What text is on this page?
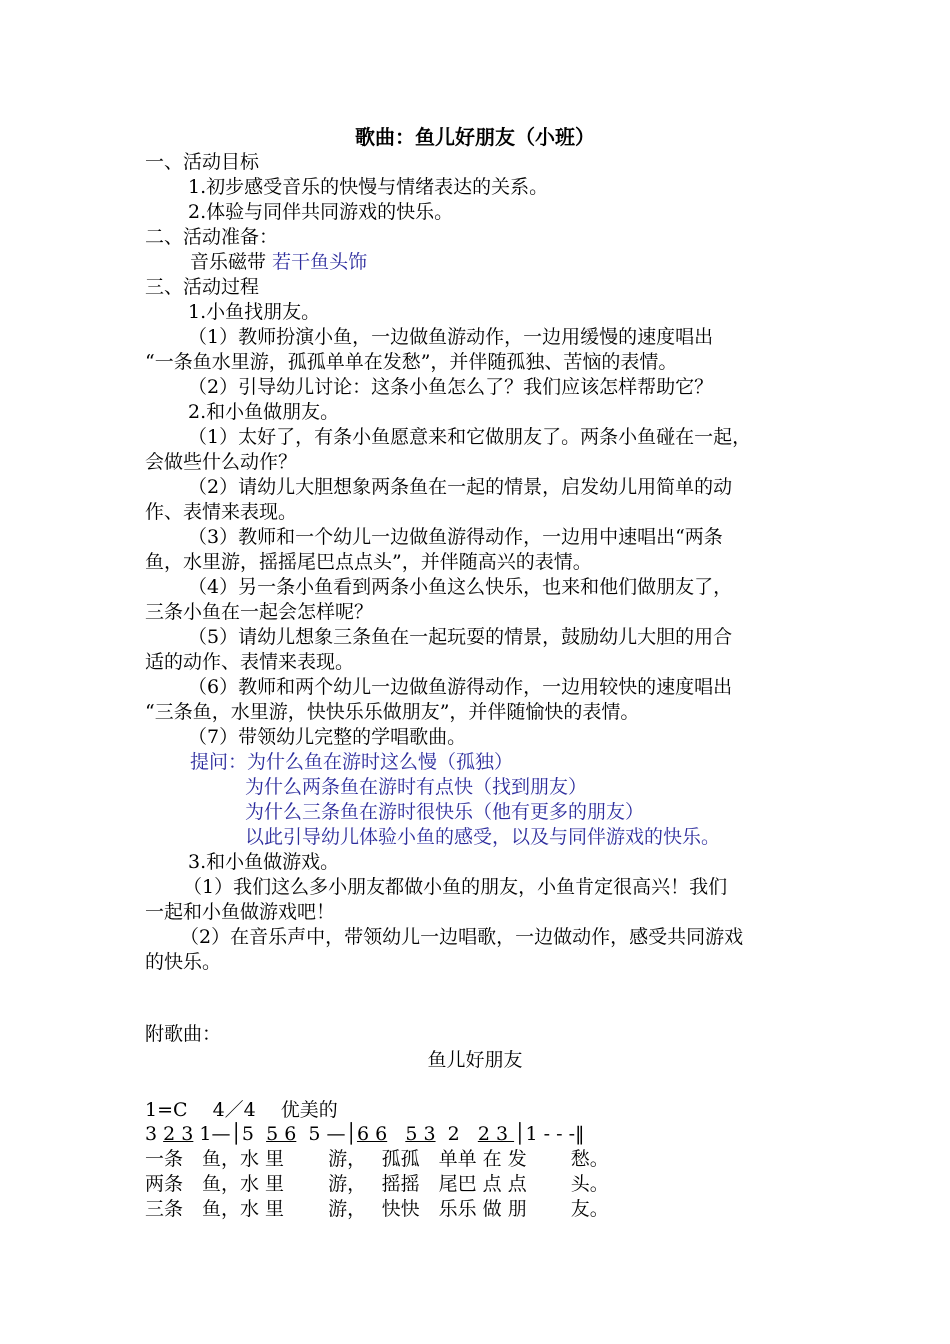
歌曲：鱼儿好朋友（小班）
一、活动目标
1.初步感受音乐的快慢与情绪表达的关系。
2.体验与同伴共同游戏的快乐。
二、活动准备：
音乐磁带 若干鱼头饰
三、活动过程
1.小鱼找朋友。
（1）教师扮演小鱼，一边做鱼游动作，一边用缓慢的速度唱出
“一条鱼水里游，孤孤单单在发愁”，并伴随孤独、苦恼的表情。
（2）引导幼儿讨论：这条小鱼怎么了？我们应该怎样帮助它？
2.和小鱼做朋友。
（1）太好了，有条小鱼愿意来和它做朋友了。两条小鱼碰在一起，
会做些什么动作？
（2）请幼儿大胆想象两条鱼在一起的情景，启发幼儿用简单的动
作、表情来表现。
（3）教师和一个幼儿一边做鱼游得动作，一边用中速唱出“两条
鱼，水里游，摇摇尾巴点点头”，并伴随高兴的表情。
（4）另一条小鱼看到两条小鱼这么快乐，也来和他们做朋友了，
三条小鱼在一起会怎样呢？
（5）请幼儿想象三条鱼在一起玩耍的情景，鼓励幼儿大胆的用合
适的动作、表情来表现。
（6）教师和两个幼儿一边做鱼游得动作，一边用较快的速度唱出
“三条鱼，水里游，快快乐乐做朋友”，并伴随愉快的表情。
（7）带领幼儿完整的学唱歌曲。
提问：为什么鱼在游时这么慢（孤独）
为什么两条鱼在游时有点快（找到朋友）
为什么三条鱼在游时很快乐（他有更多的朋友）
以此引导幼儿体验小鱼的感受，以及与同伴游戏的快乐。
3.和小鱼做游戏。
（1）我们这么多小朋友都做小鱼的朋友，小鱼肯定很高兴！我们
一起和小鱼做游戏吧！
（2）在音乐声中，带领幼儿一边唱歌，一边做动作，感受共同游戏
的快乐。
附歌曲：
鱼儿好朋友
1=C　 4／4　 优美的
3 2 3 1—│5  5 6  5 —│6 6 5 3  2   2 3 │1 - - -‖
一条　鱼，水 里 　　游，　 孤孤　单单 在 发　 　愁。
两条　鱼，水 里 　　游，　 摇摇　尾巴 点 点　 　头。
三条　鱼，水 里 　　游，　 快快　乐乐 做 朋　 　友。
